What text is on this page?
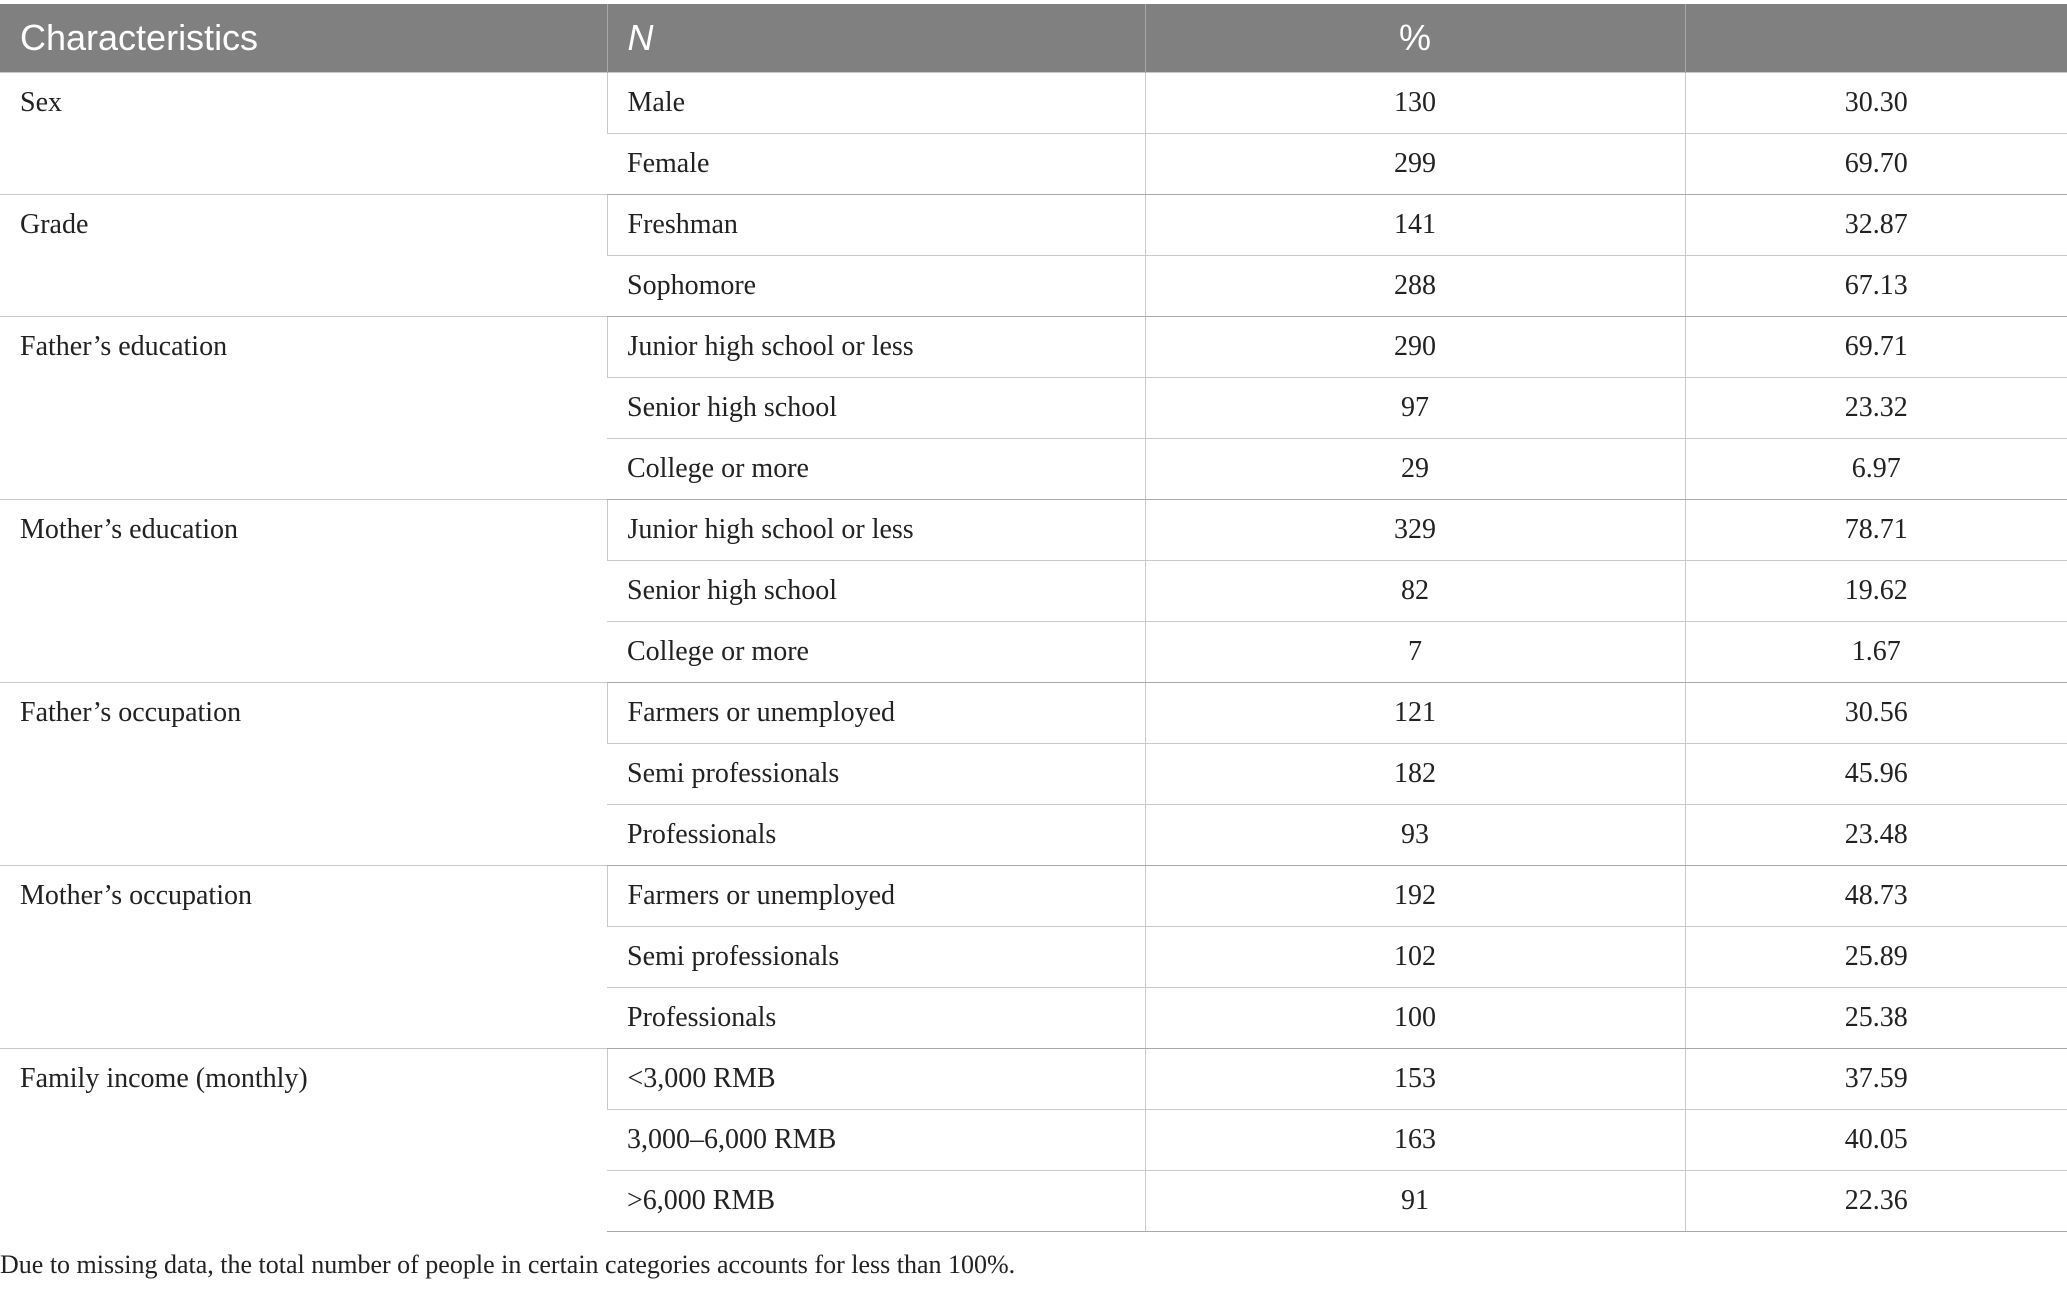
Characteristics	N	%	
Sex	Male	130	30.30
	Female	299	69.70
Grade	Freshman	141	32.87
	Sophomore	288	67.13
Father’s education	Junior high school or less	290	69.71
	Senior high school	97	23.32
	College or more	29	6.97
Mother’s education	Junior high school or less	329	78.71
	Senior high school	82	19.62
	College or more	7	1.67
Father’s occupation	Farmers or unemployed	121	30.56
	Semi professionals	182	45.96
	Professionals	93	23.48
Mother’s occupation	Farmers or unemployed	192	48.73
	Semi professionals	102	25.89
	Professionals	100	25.38
Family income (monthly)	<3,000 RMB	153	37.59
	3,000–6,000 RMB	163	40.05
	>6,000 RMB	91	22.36
Due to missing data, the total number of people in certain categories accounts for less than 100%.
